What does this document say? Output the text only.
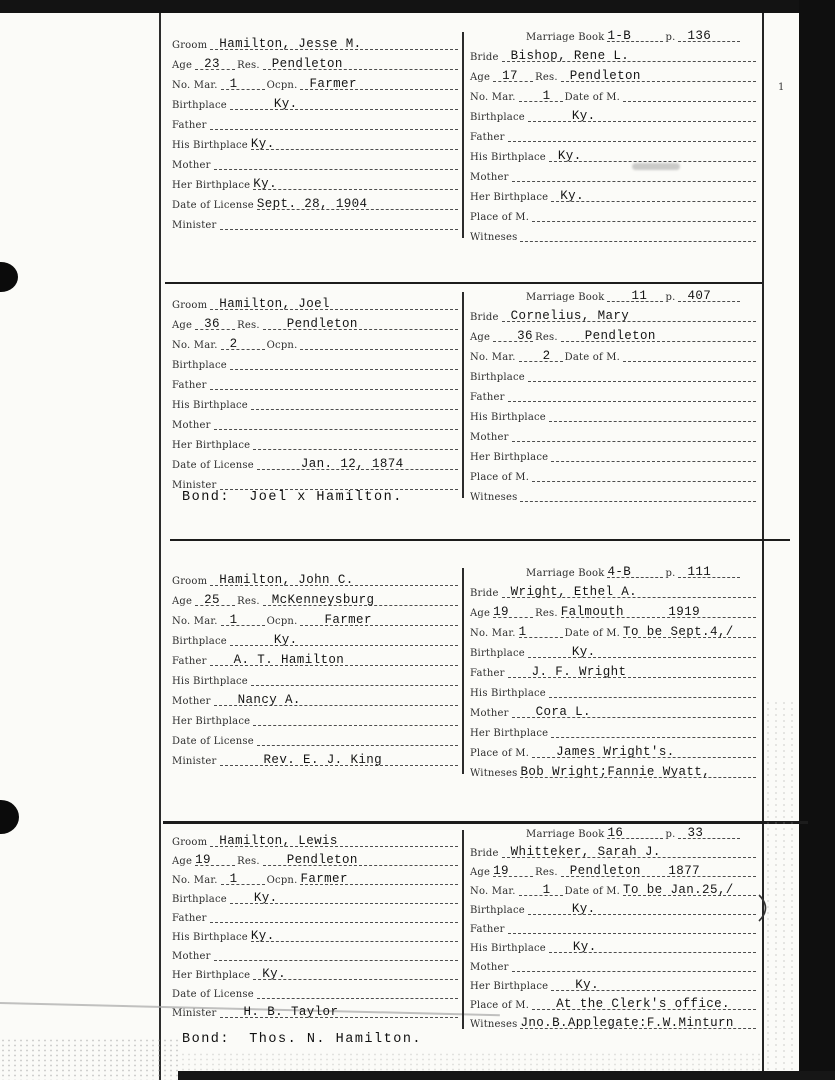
1
Groom Hamilton, Jesse M.
Age 23 Res. Pendleton
No. Mar. 1	Ocpn. Farmer
Birthplace	Ky.
Father
His Birthplace Ky.
Mother
Her Birthplace Ky.
Date of License Sept. 28, 1904
Minister
Marriage Book 1-B	p. 136
Bride Bishop, Rene L.
Age 17 Res. Pendleton
No. Mar. 1 Date of M.
Birthplace	Ky.
Father
His Birthplace Ky.
Mother
Her Birthplace Ky.
Place of M.
Witneses
Groom Hamilton, Joel
Age 36 Res. Pendleton
No. Mar. 2	Ocpn.
Birthplace
Father
His Birthplace
Mother
Her Birthplace
Date of License	Jan. 12, 1874
Minister
Bond:  Joel x Hamilton.
Marriage Book 11 p. 407
Bride Cornelius, Mary
Age 36 Res. Pendleton
No. Mar. 2 Date of M.
Birthplace
Father
His Birthplace
Mother
Her Birthplace
Place of M.
Witneses
Groom Hamilton, John C.
Age 25 Res. McKenneysburg
No. Mar. 1	Ocpn. Farmer
Birthplace	Ky.
Father A. T. Hamilton
His Birthplace
Mother Nancy A.
Her Birthplace
Date of License
Minister	Rev. E. J. King
Marriage Book 4-B	p. 111
Bride Wright, Ethel A.
Age 19	Res. Falmouth	1919
No. Mar. 1	Date of M. To be Sept.4,/
Birthplace	Ky.
Father J. F. Wright
His Birthplace
Mother Cora L.
Her Birthplace
Place of M. James Wright's.
Witneses Bob Wright;Fannie Wyatt,
Groom Hamilton, Lewis
Age 19	Res. Pendleton
No. Mar. 1	Ocpn. Farmer
Birthplace Ky.
Father
His Birthplace Ky.
Mother
Her Birthplace Ky.
Date of License
Minister H. B. Taylor
Bond:  Thos. N. Hamilton.
Marriage Book 16	p. 33
Bride Whitteker, Sarah J.
Age 19	Res. Pendleton 1877
No. Mar. 1 Date of M. To be Jan.25,/
Birthplace	Ky.
Father
His Birthplace Ky.
Mother
Her Birthplace Ky.
Place of M. At the Clerk's office.
Witneses Jno.B.Applegate:F.W.Minturn
